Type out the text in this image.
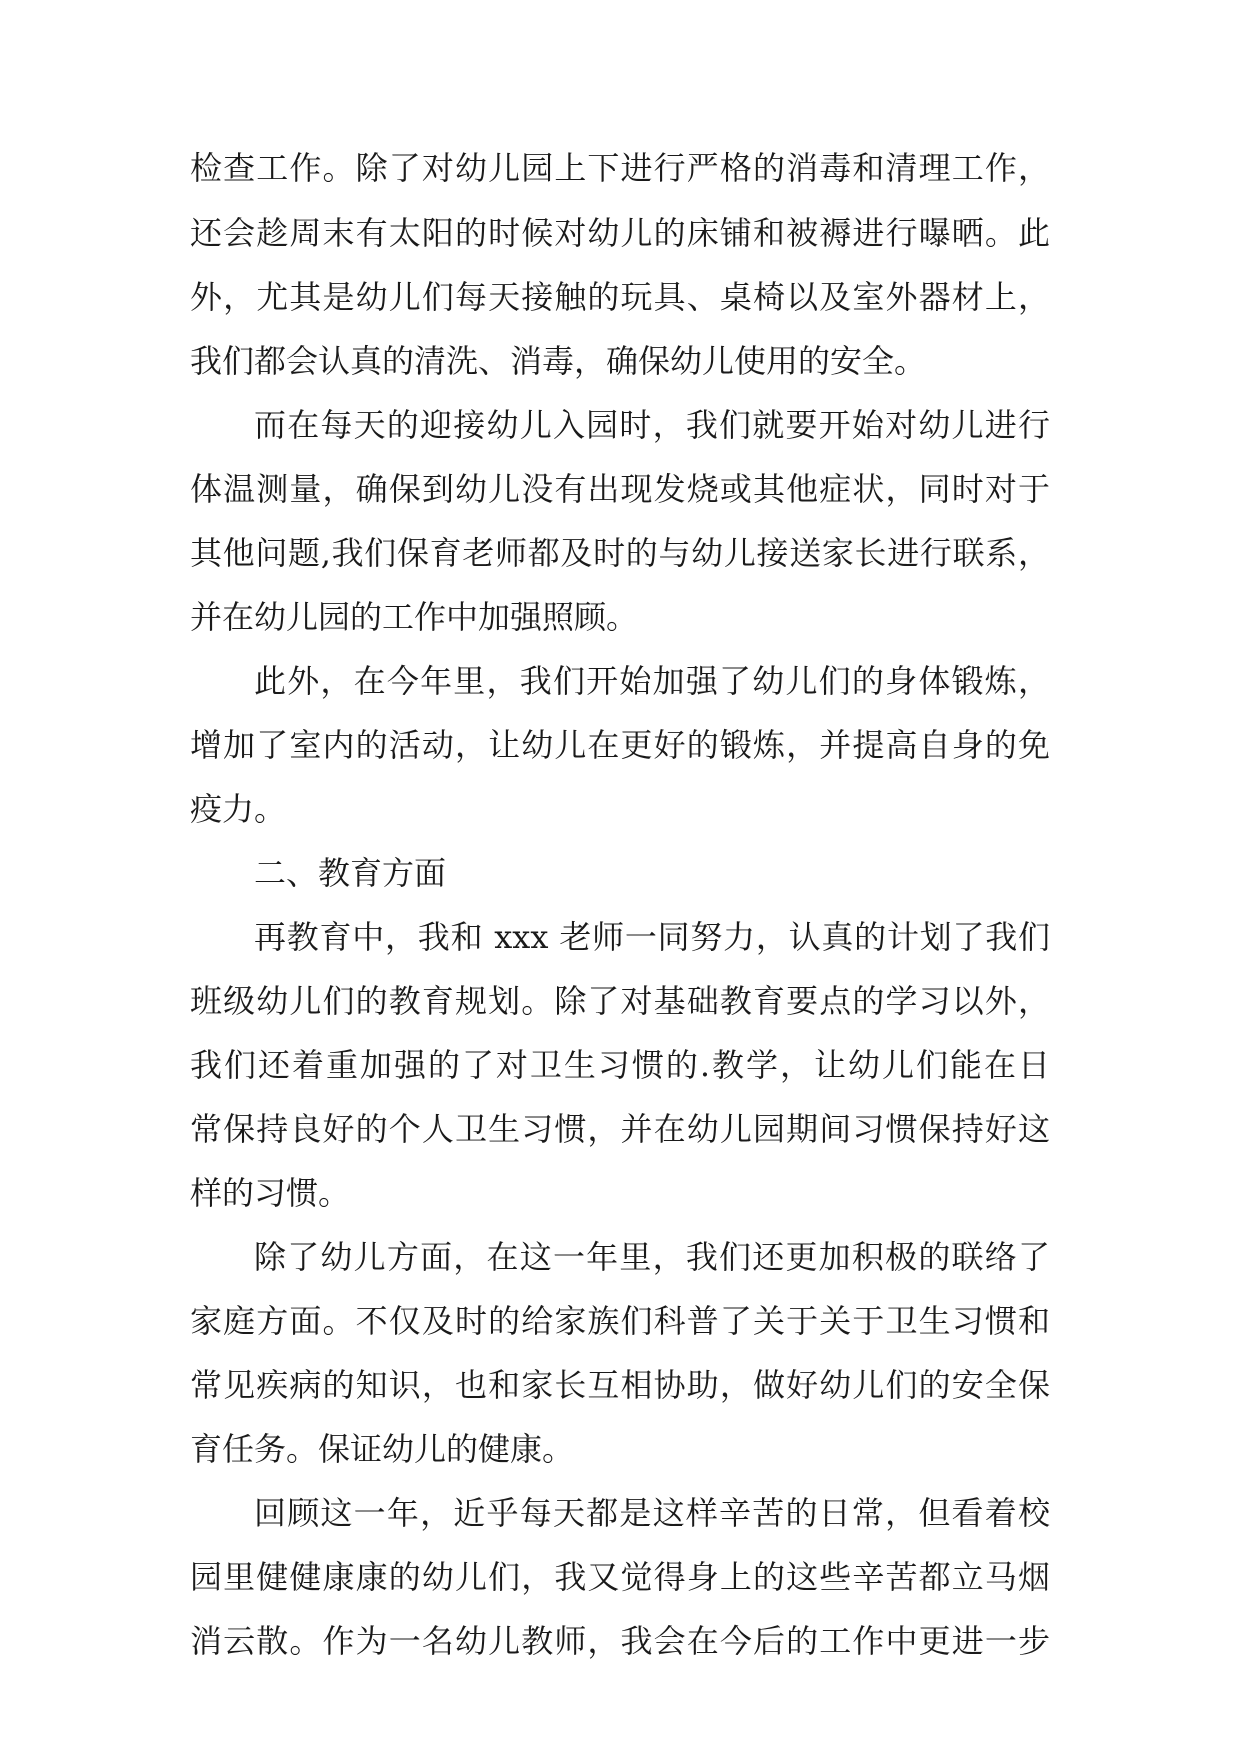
检查工作。除了对幼儿园上下进行严格的消毒和清理工作，
还会趁周末有太阳的时候对幼儿的床铺和被褥进行曝晒。此
外，尤其是幼儿们每天接触的玩具、桌椅以及室外器材上，
我们都会认真的清洗、消毒，确保幼儿使用的安全。
而在每天的迎接幼儿入园时，我们就要开始对幼儿进行
体温测量，确保到幼儿没有出现发烧或其他症状，同时对于
其他问题,我们保育老师都及时的与幼儿接送家长进行联系，
并在幼儿园的工作中加强照顾。
此外，在今年里，我们开始加强了幼儿们的身体锻炼，
增加了室内的活动，让幼儿在更好的锻炼，并提高自身的免
疫力。
二、教育方面
再教育中，我和 xxx 老师一同努力，认真的计划了我们
班级幼儿们的教育规划。除了对基础教育要点的学习以外，
我们还着重加强的了对卫生习惯的.教学，让幼儿们能在日
常保持良好的个人卫生习惯，并在幼儿园期间习惯保持好这
样的习惯。
除了幼儿方面，在这一年里，我们还更加积极的联络了
家庭方面。不仅及时的给家族们科普了关于关于卫生习惯和
常见疾病的知识，也和家长互相协助，做好幼儿们的安全保
育任务。保证幼儿的健康。
回顾这一年，近乎每天都是这样辛苦的日常，但看着校
园里健健康康的幼儿们，我又觉得身上的这些辛苦都立马烟
消云散。作为一名幼儿教师，我会在今后的工作中更进一步
